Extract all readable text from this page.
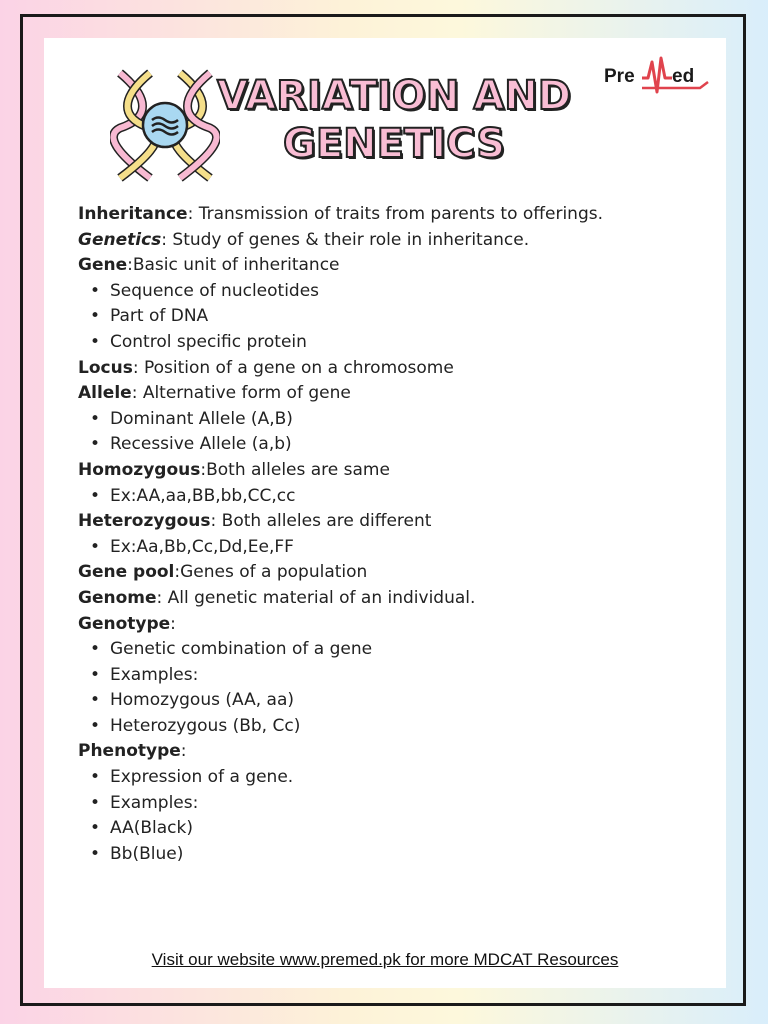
Pre ed
VARIATION AND
GENETICS

Inheritance: Transmission of traits from parents to offerings.

Genetics: Study of genes & their role in inheritance.

Gene:Basic unit of inheritance

• Sequence of nucleotides
• Part of DNA
• Control specific protein

Locus: Position of a gene on a chromosome

Allele: Alternative form of gene

• Dominant Allele (A,B)
• Recessive Allele (a,b)

Homozygous:Both alleles are same

• Ex:AA,aa,BB,bb,CC,cc

Heterozygous: Both alleles are different

• Ex:Aa,Bb,Cc,Dd,Ee,FF

Gene pool:Genes of a population

Genome: All genetic material of an individual.

Genotype:

• Genetic combination of a gene
• Examples:
• Homozygous (AA, aa)
• Heterozygous (Bb, Cc)

Phenotype:

• Expression of a gene.
• Examples:
• AA(Black)
• Bb(Blue)
Visit our website www.premed.pk for more MDCAT Resources
